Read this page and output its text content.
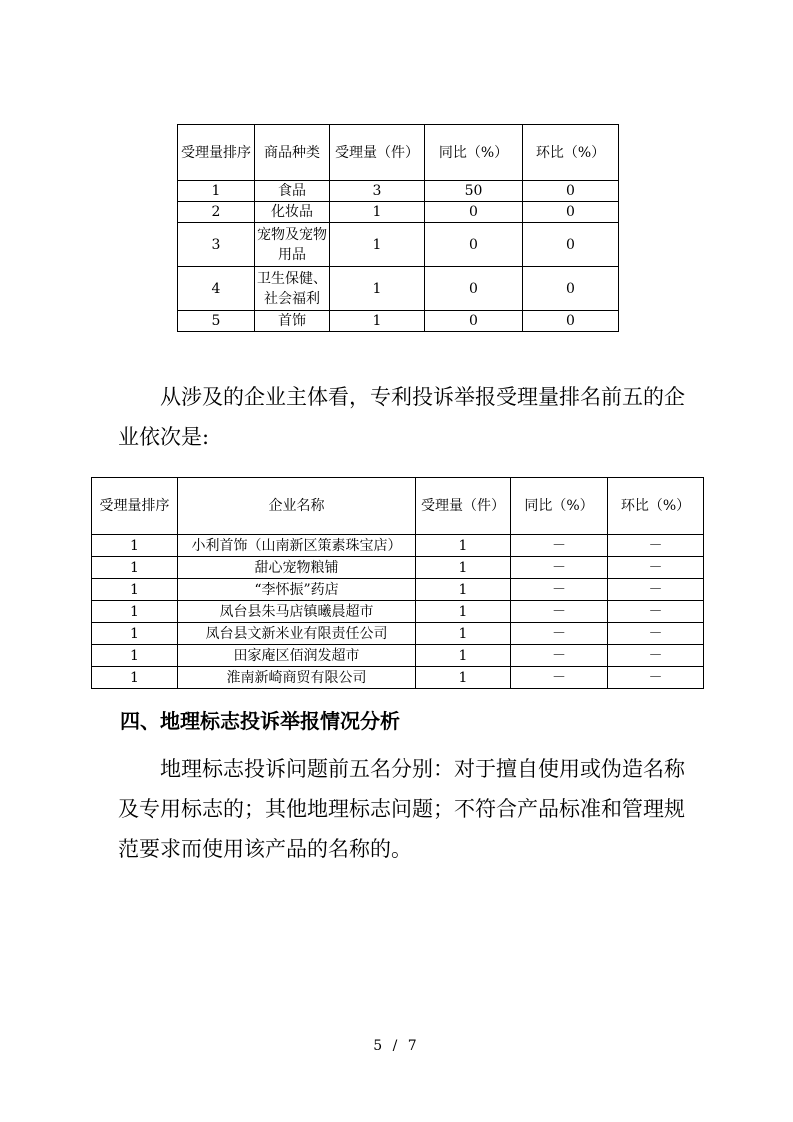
受理量排序	商品种类	受理量（件）	同比（%）	环比（%）
1	食品	3	50	0
2	化妆品	1	0	0
3	宠物及宠物用品	1	0	0
4	卫生保健、社会福利	1	0	0
5	首饰	1	0	0

从涉及的企业主体看，专利投诉举报受理量排名前五的企业依次是:

受理量排序	企业名称	受理量（件）	同比（%）	环比（%）
1	小利首饰（山南新区策素珠宝店）	1	－	－
1	甜心宠物粮铺	1	－	－
1	“李怀振”药店	1	－	－
1	凤台县朱马店镇曦晨超市	1	－	－
1	凤台县文新米业有限责任公司	1	－	－
1	田家庵区佰润发超市	1	－	－
1	淮南新崎商贸有限公司	1	－	－
四、地理标志投诉举报情况分析

地理标志投诉问题前五名分别：对于擅自使用或伪造名称及专用标志的；其他地理标志问题；不符合产品标准和管理规范要求而使用该产品的名称的。

5 / 7
